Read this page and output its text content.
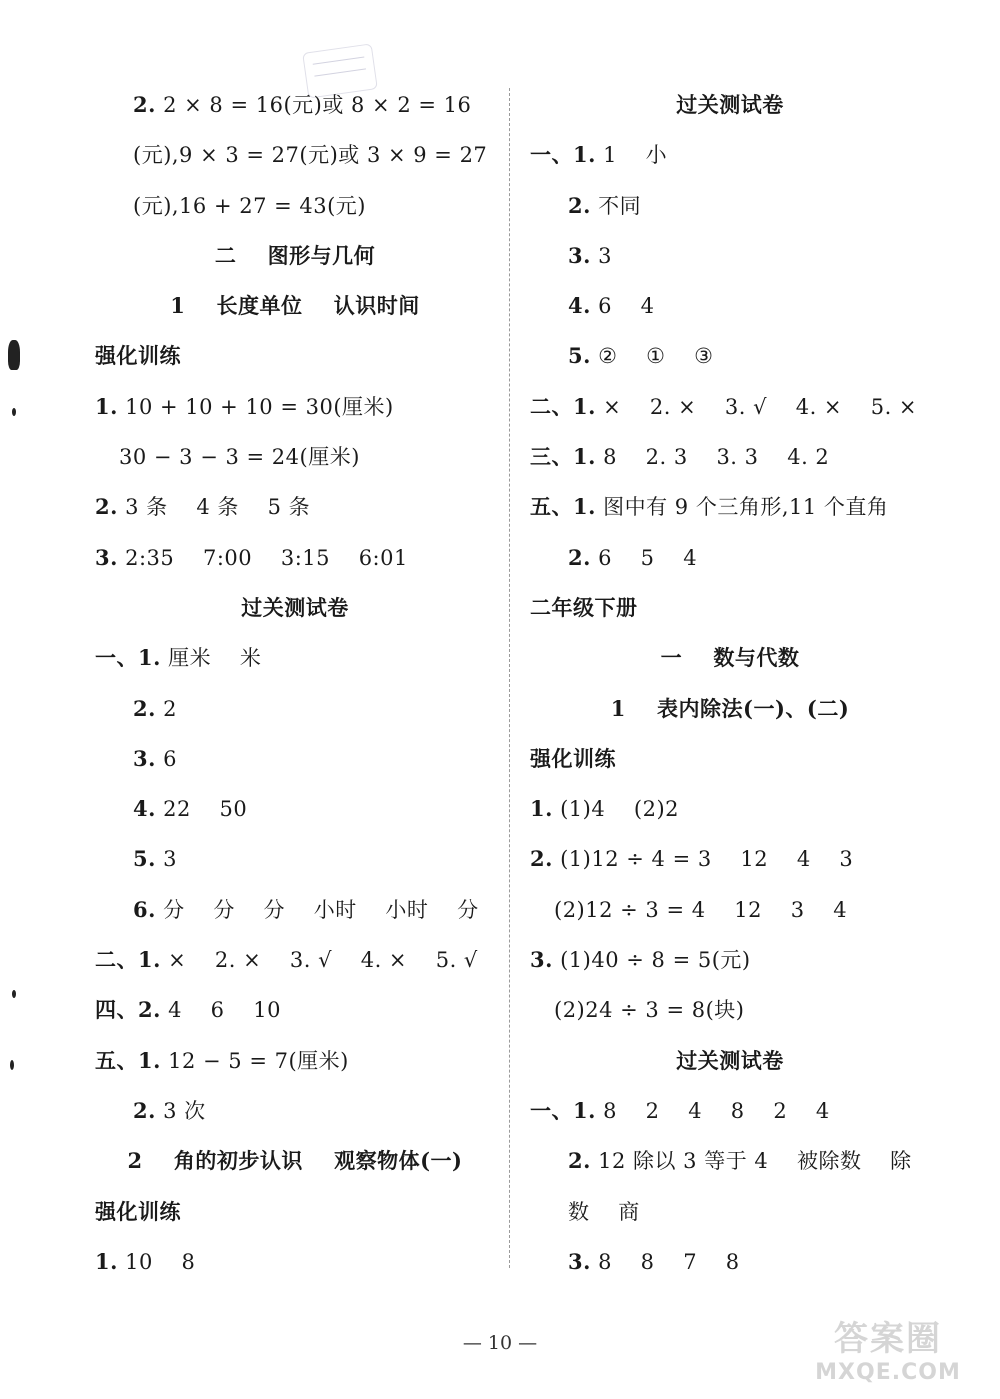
2. 2 × 8 = 16(元)或 8 × 2 = 16
(元),9 × 3 = 27(元)或 3 × 9 = 27
(元),16 + 27 = 43(元)
二    图形与几何
1    长度单位    认识时间
强化训练
1. 10 + 10 + 10 = 30(厘米)
30 − 3 − 3 = 24(厘米)
2. 3 条    4 条    5 条
3. 2:35    7:00    3:15    6:01
过关测试卷
一、1. 厘米    米
2. 2
3. 6
4. 22    50
5. 3
6. 分    分    分    小时    小时    分
二、1. ×    2. ×    3. √    4. ×    5. √
四、2. 4    6    10
五、1. 12 − 5 = 7(厘米)
2. 3 次
2    角的初步认识    观察物体(一)
强化训练
1. 10    8
过关测试卷
一、1. 1    小
2. 不同
3. 3
4. 6    4
5. ②    ①    ③
二、1. ×    2. ×    3. √    4. ×    5. ×
三、1. 8    2. 3    3. 3    4. 2
五、1. 图中有 9 个三角形,11 个直角
2. 6    5    4
二年级下册
一    数与代数
1    表内除法(一)、(二)
强化训练
1. (1)4    (2)2
2. (1)12 ÷ 4 = 3    12    4    3
(2)12 ÷ 3 = 4    12    3    4
3. (1)40 ÷ 8 = 5(元)
(2)24 ÷ 3 = 8(块)
过关测试卷
一、1. 8    2    4    8    2    4
2. 12 除以 3 等于 4    被除数    除
数    商
3. 8    8    7    8
— 10 —	答案圈
MXQE.COM
